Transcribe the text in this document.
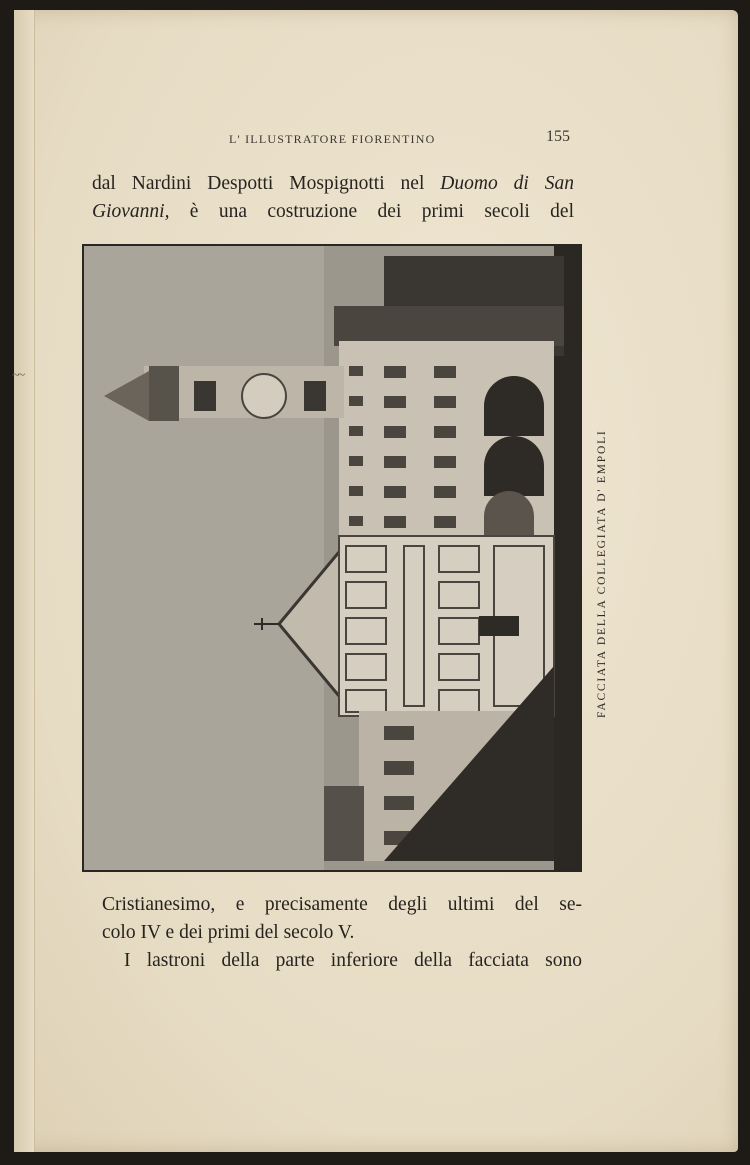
~~
L' ILLUSTRATORE FIORENTINO	155
dal Nardini Despotti Mospignotti nel Duomo di San
Giovanni, è una costruzione dei primi secoli del
FACCIATA DELLA COLLEGIATA D' EMPOLI
Cristianesimo, e precisamente degli ultimi del se-
colo IV e dei primi del secolo V.
I lastroni della parte inferiore della facciata sono
